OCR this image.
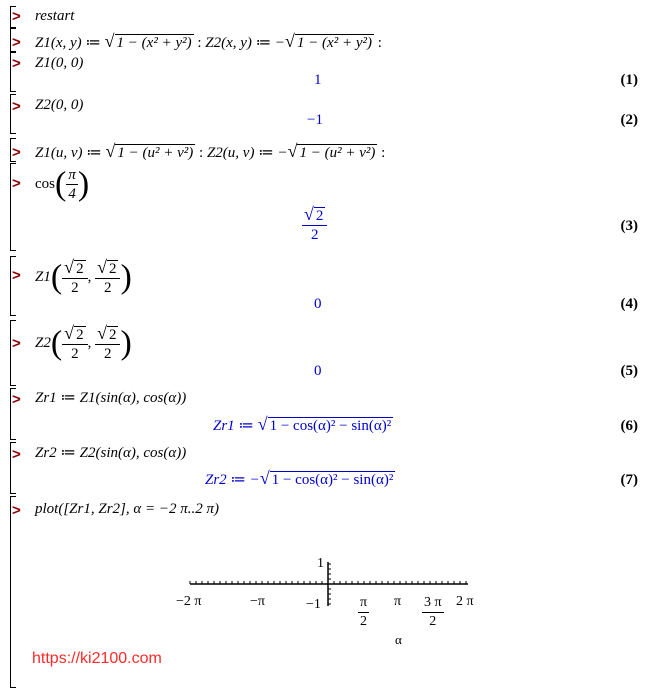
> restart
> Z1(x, y) ≔ √ 1 − (x² + y²) : Z2(x, y) ≔ −√ 1 − (x² + y²) :
> Z1(0, 0)
1	(1)
> Z2(0, 0)
−1	(2)
> Z1(u, v) ≔ √ 1 − (u² + v²) : Z2(u, v) ≔ −√ 1 − (u² + v²) :
> $\cos( \frac{\pi}{4}$ )
$\frac{√ 2}{2}$	(3)
> $Z1( \frac{√ 2}{2}$ , $\frac{√ 2}{2}$ )
0	(4)
> $Z2( \frac{√ 2}{2}$ , $\frac{√ 2}{2}$ )
0	(5)
> Zr1 ≔ Z1(sin(α), cos(α))
Zr1 ≔ √ 1 − cos(α)² − sin(α)²	(6)
> Zr2 ≔ Z2(sin(α), cos(α))
Zr2 ≔ −√ 1 − cos(α)² − sin(α)²	(7)
> plot([Zr1, Zr2], α = −2 π..2 π)
1
−1
−2 π	−π	$\frac{\pi}{2}$ π $\frac{3 \pi}{2} 2$ π
α
https://ki2100.com
